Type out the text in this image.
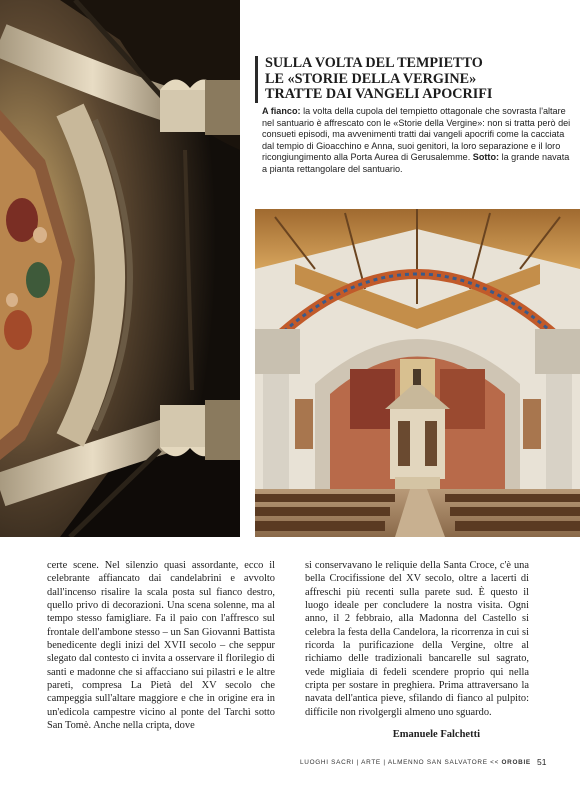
SULLA VOLTA DEL TEMPIETTO

LE «STORIE DELLA VERGINE»

TRATTE DAI VANGELI APOCRIFI

A fianco: la volta della cupola del tempietto ottagonale che sovrasta l'altare nel santuario è affrescato con le «Storie della Vergine»: non si tratta però dei consueti episodi, ma avvenimenti tratti dai vangeli apocrifi come la cacciata dal tempio di Gioacchino e Anna, suoi genitori, la loro separazione e il loro ricongiungimento alla Porta Aurea di Gerusalemme. Sotto: la grande navata a pianta rettangolare del santuario.
certe scene. Nel silenzio quasi assordante, ecco il celebrante affiancato dai candelabrini e avvolto dall'incenso risalire la scala posta sul fianco destro, quello privo di decorazioni. Una scena solenne, ma al tempo stesso famigliare. Fa il paio con l'affresco sul frontale dell'ambone stesso – un San Giovanni Battista benedicente degli inizi del XVII secolo – che seppur slegato dal contesto ci invita a osservare il florilegio di santi e madonne che si affacciano sui pilastri e le altre pareti, compresa La Pietà del XV secolo che campeggia sull'altare maggiore e che in origine era in un'edicola campestre vicino al ponte del Tarchì sotto San Tomè. Anche nella cripta, dove
si conservavano le reliquie della Santa Croce, c'è una bella Crocifissione del XV secolo, oltre a lacerti di affreschi più recenti sulla parete sud. È questo il luogo ideale per concludere la nostra visita. Ogni anno, il 2 febbraio, alla Madonna del Castello si celebra la festa della Candelora, la ricorrenza in cui si ricorda la purificazione della Vergine, oltre al richiamo delle tradizionali bancarelle sul sagrato, vede migliaia di fedeli scendere proprio qui nella cripta per sostare in preghiera. Prima attraversano la navata dell'antica pieve, sfilando di fianco al pulpito: difficile non rivolgergli almeno uno sguardo.
Emanuele Falchetti
LUOGHI SACRI | ARTE | ALMENNO SAN SALVATORE << OROBIE 51
